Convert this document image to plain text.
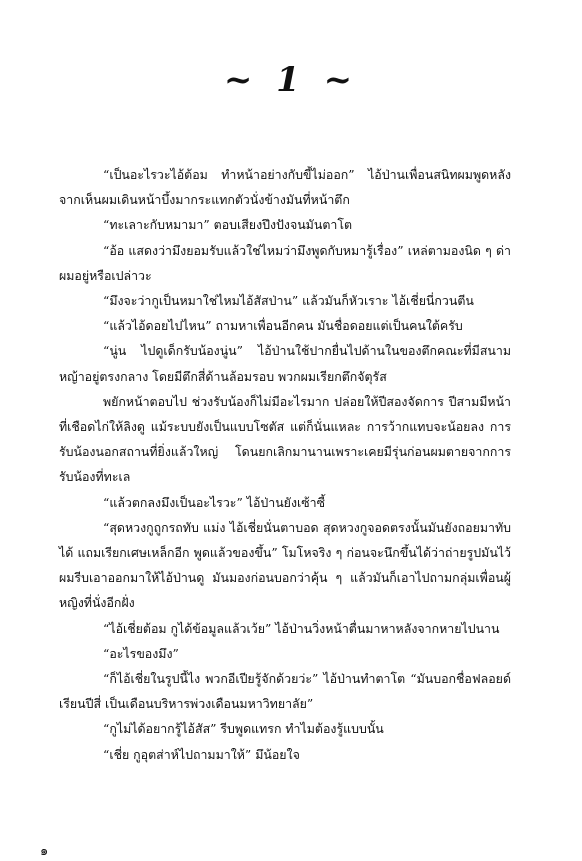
~ 1 ~

“เป็นอะไรวะไอ้ต้อม ทำหน้าอย่างกับขี้ไม่ออก” ไอ้ป่านเพื่อนสนิทผมพูดหลังจากเห็นผมเดินหน้าบึ้งมากระแทกตัวนั่งข้างมันที่หน้าตึก

“ทะเลาะกับหมามา” ตอบเสียงปึงปังจนมันตาโต

“อ้อ แสดงว่ามึงยอมรับแล้วใช่ไหมว่ามึงพูดกับหมารู้เรื่อง” เหล่ตามองนิด ๆ ด่าผมอยู่หรือเปล่าวะ

“มึงจะว่ากูเป็นหมาใช่ไหมไอ้สัสป่าน” แล้วมันก็หัวเราะ ไอ้เชี่ยนี่กวนตีน

“แล้วไอ้ดอยไปไหน” ถามหาเพื่อนอีกคน มันชื่อดอยแต่เป็นคนใต้ครับ

“นู่น ไปดูเด็กรับน้องนู่น” ไอ้ป่านใช้ปากยื่นไปด้านในของตึกคณะที่มีสนามหญ้าอยู่ตรงกลาง โดยมีตึกสี่ด้านล้อมรอบ พวกผมเรียกตึกจัตุรัส

พยักหน้าตอบไป ช่วงรับน้องก็ไม่มีอะไรมาก ปล่อยให้ปีสองจัดการ ปีสามมีหน้าที่เชือดไก่ให้ลิงดู แม้ระบบยังเป็นแบบโซตัส แต่ก็นั่นแหละ การว้ากแทบจะน้อยลง การรับน้องนอกสถานที่ยิ่งแล้วใหญ่ โดนยกเลิกมานานเพราะเคยมีรุ่นก่อนผมตายจากการรับน้องที่ทะเล

“แล้วตกลงมึงเป็นอะไรวะ” ไอ้ป่านยังเซ้าซี้

“สุดหวงกูถูกรถทับ แม่ง ไอ้เชี่ยนั่นตาบอด สุดหวงกูจอดตรงนั้นมันยังถอยมาทับได้ แถมเรียกเศษเหล็กอีก พูดแล้วของขึ้น” โมโหจริง ๆ ก่อนจะนึกขึ้นได้ว่าถ่ายรูปมันไว้ ผมรีบเอาออกมาให้ไอ้ป่านดู มันมองก่อนบอกว่าคุ้น ๆ แล้วมันก็เอาไปถามกลุ่มเพื่อนผู้หญิงที่นั่งอีกฝั่ง

“ไอ้เชี่ยต้อม กูได้ข้อมูลแล้วเว้ย” ไอ้ป่านวิ่งหน้าตื่นมาหาหลังจากหายไปนาน

“อะไรของมึง”

“ก็ไอ้เชี่ยในรูปนี้ไง พวกอีเปียรู้จักด้วยว่ะ” ไอ้ป่านทำตาโต “มันบอกชื่อฟลอยด์ เรียนปีสี่ เป็นเดือนบริหารพ่วงเดือนมหาวิทยาลัย”

“กูไม่ได้อยากรู้ไอ้สัส” รีบพูดแทรก ทำไมต้องรู้แบบนั้น

“เชี่ย กูอุตส่าห์ไปถามมาให้” มึน้อยใจ

๑
